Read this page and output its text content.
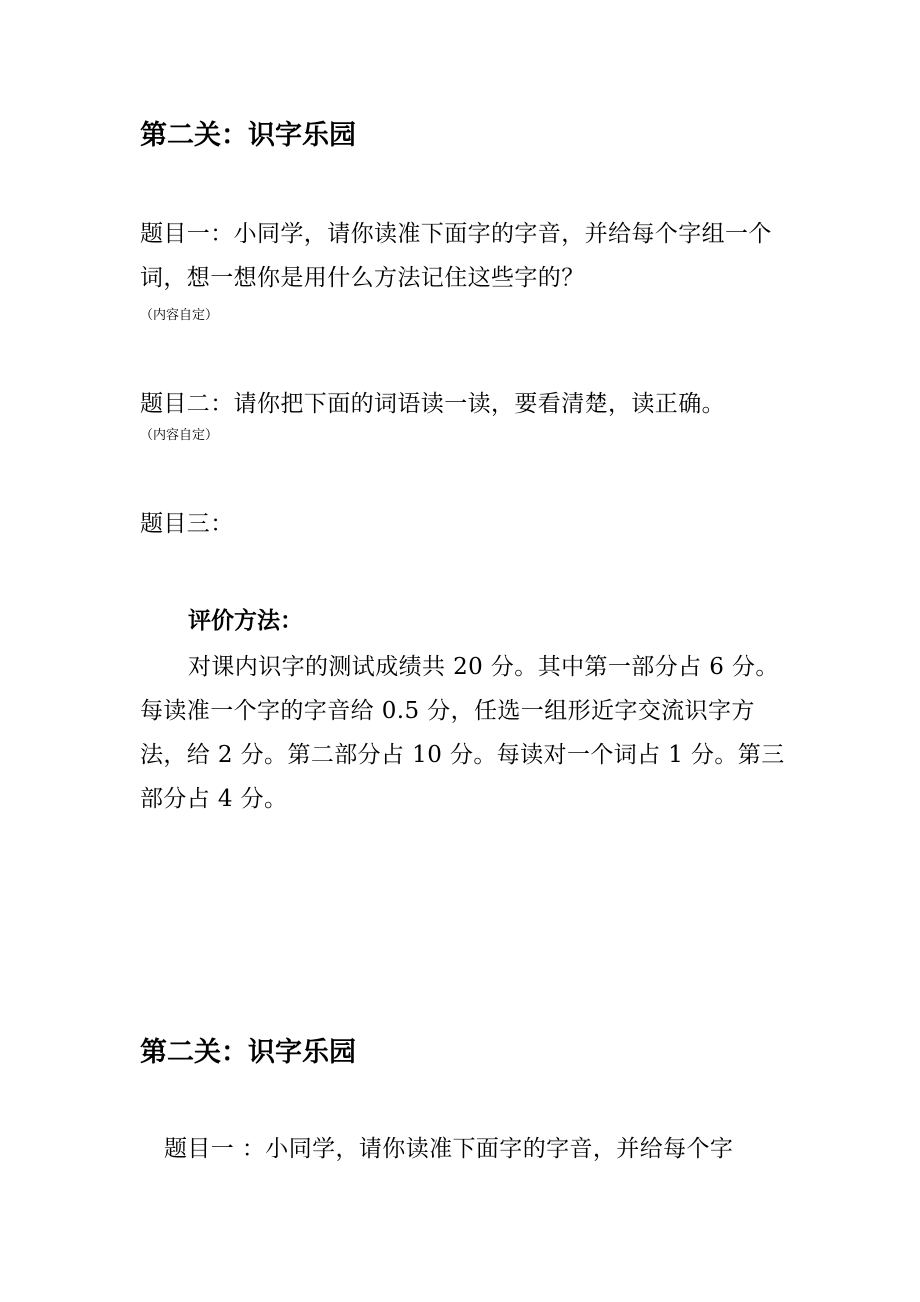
第二关：识字乐园

题目一：小同学，请你读准下面字的字音，并给每个字组一个词，想一想你是用什么方法记住这些字的？

（内容自定）

题目二：请你把下面的词语读一读，要看清楚，读正确。

（内容自定）

题目三：

评价方法：

对课内识字的测试成绩共 20 分。其中第一部分占 6 分。每读准一个字的字音给 0.5 分，任选一组形近字交流识字方法，给 2 分。第二部分占 10 分。每读对一个词占 1 分。第三部分占 4 分。

第二关：识字乐园

题目一 ：小同学，请你读准下面字的字音，并给每个字
